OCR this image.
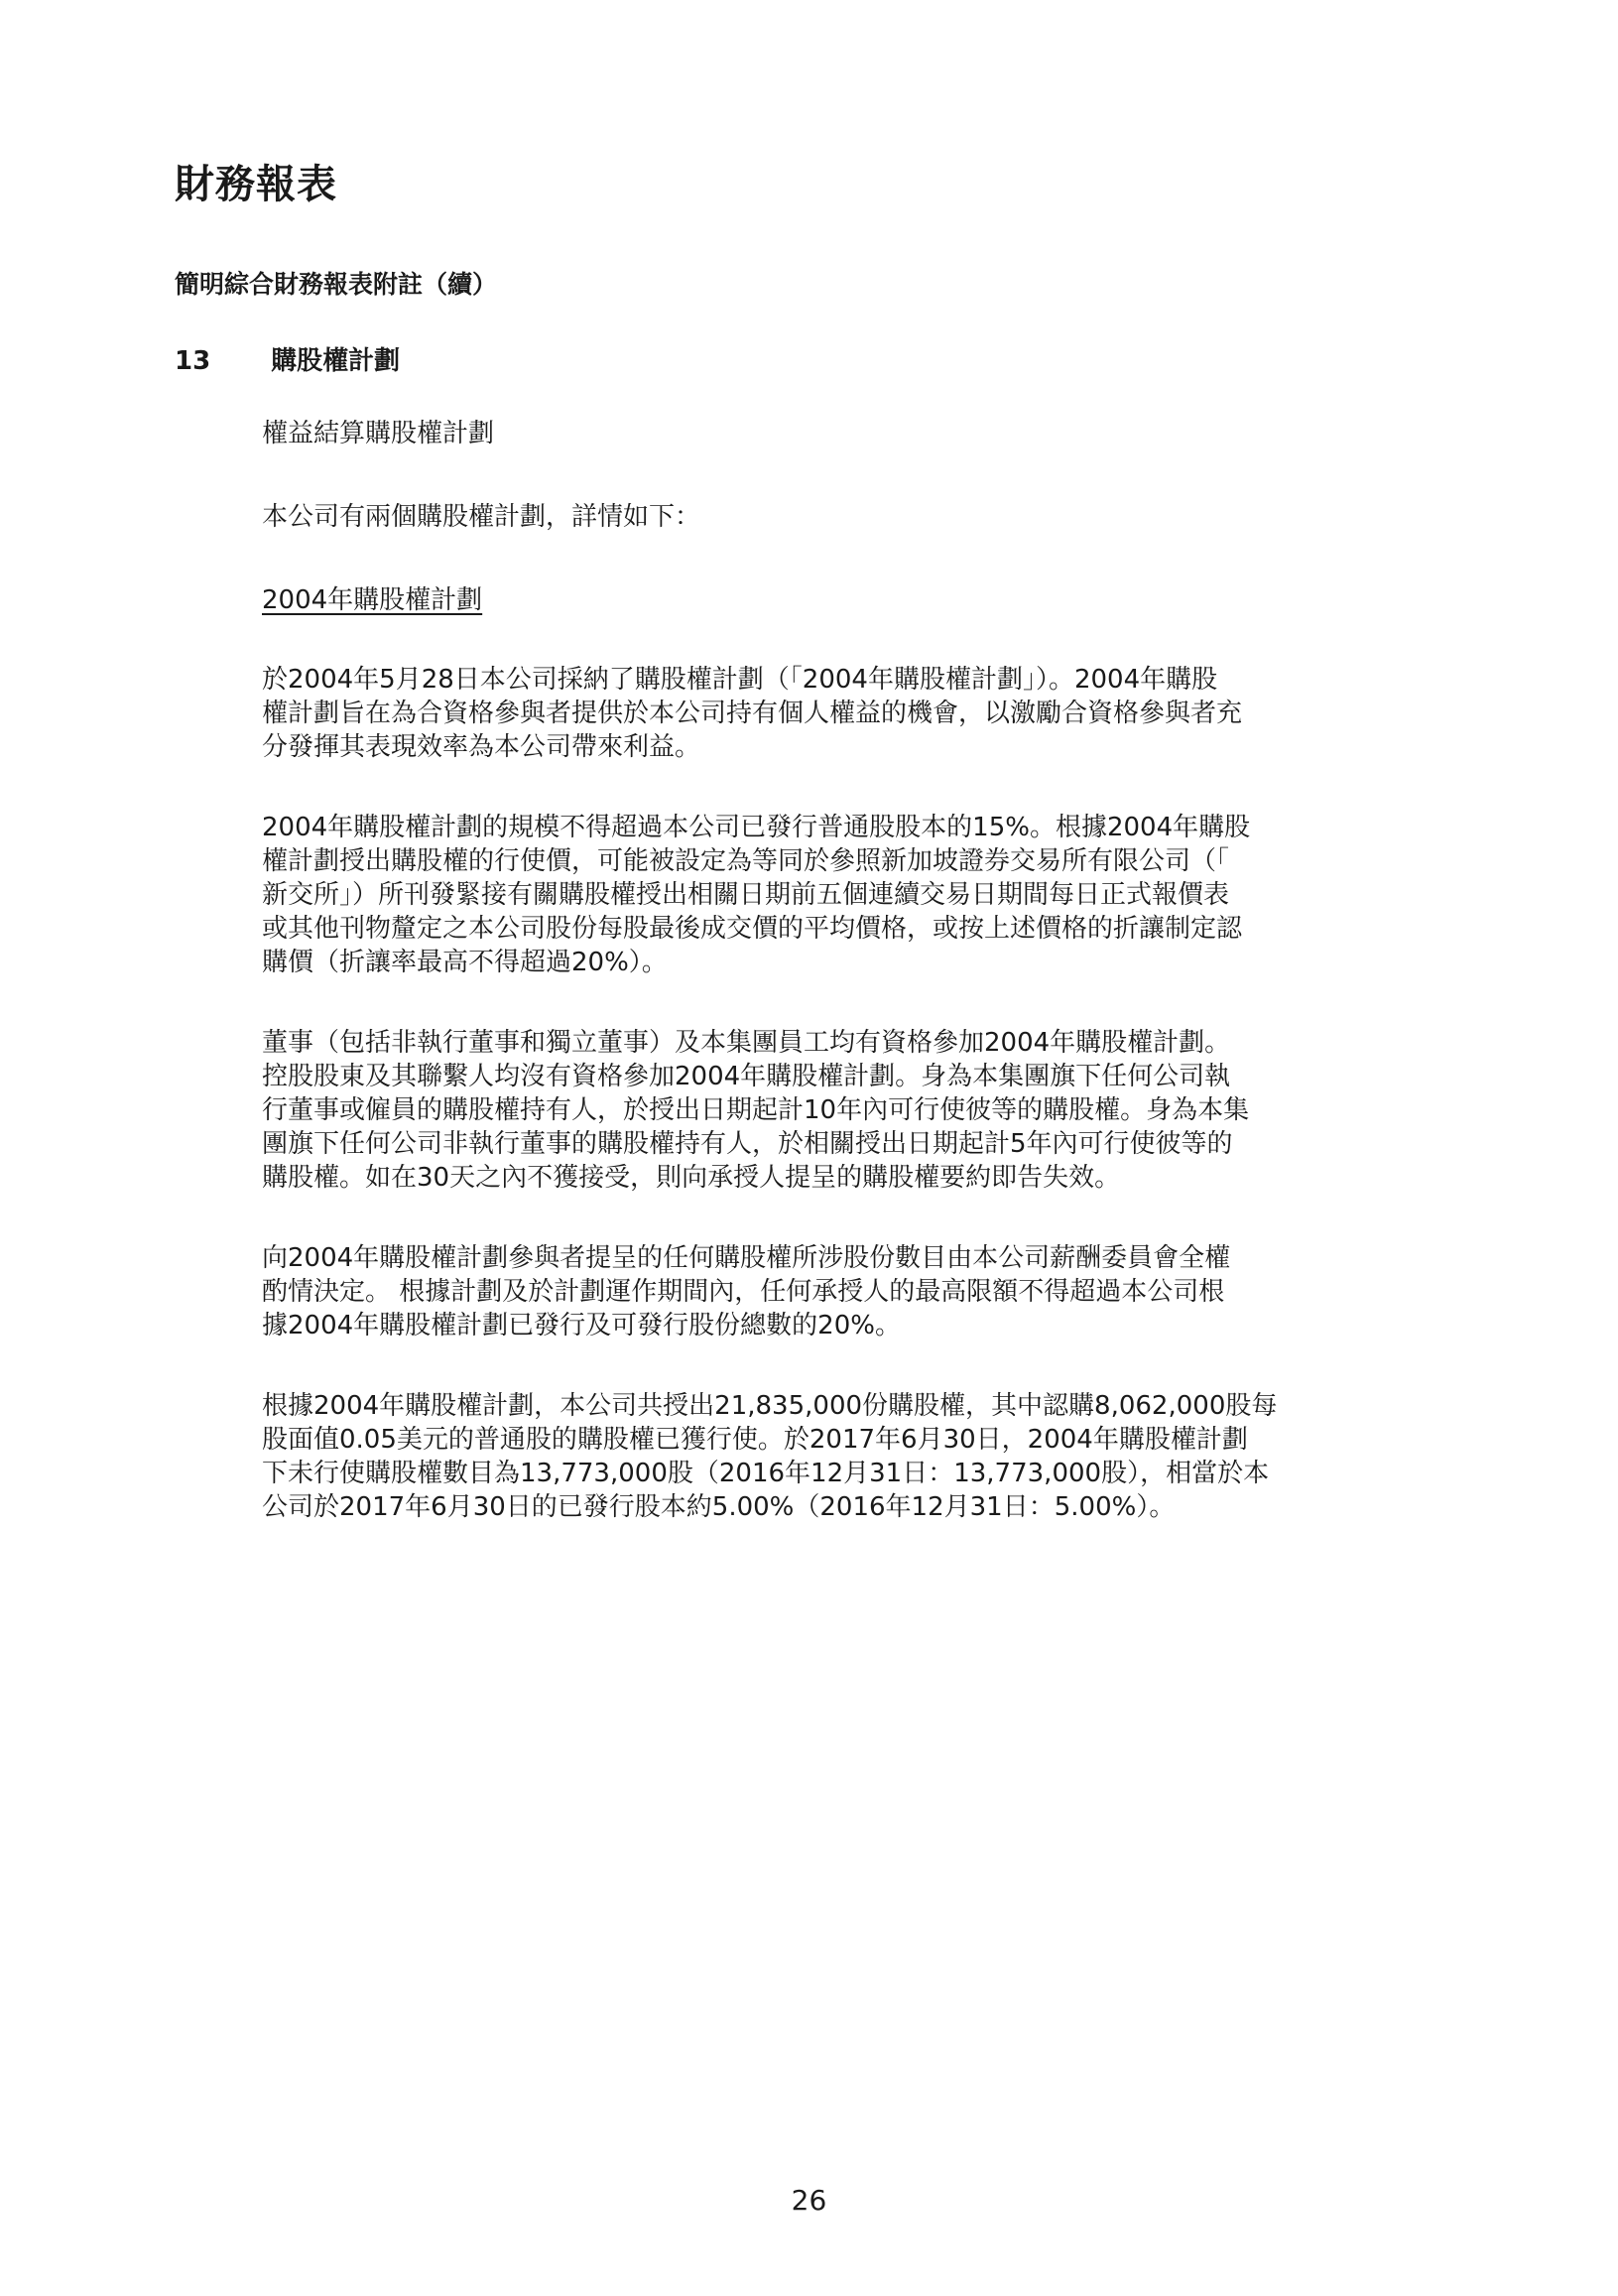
財務報表
簡明綜合財務報表附註（續）
13 購股權計劃

權益結算購股權計劃

本公司有兩個購股權計劃，詳情如下：

2004年購股權計劃

於2004年5月28日本公司採納了購股權計劃（「2004年購股權計劃」）。2004年購股
權計劃旨在為合資格參與者提供於本公司持有個人權益的機會，以激勵合資格參與者充
分發揮其表現效率為本公司帶來利益。

2004年購股權計劃的規模不得超過本公司已發行普通股股本的15%。根據2004年購股
權計劃授出購股權的行使價，可能被設定為等同於參照新加坡證券交易所有限公司（「
新交所」）所刊發緊接有關購股權授出相關日期前五個連續交易日期間每日正式報價表
或其他刊物釐定之本公司股份每股最後成交價的平均價格，或按上述價格的折讓制定認
購價（折讓率最高不得超過20%）。

董事（包括非執行董事和獨立董事）及本集團員工均有資格參加2004年購股權計劃。
控股股東及其聯繫人均沒有資格參加2004年購股權計劃。身為本集團旗下任何公司執
行董事或僱員的購股權持有人，於授出日期起計10年內可行使彼等的購股權。身為本集
團旗下任何公司非執行董事的購股權持有人，於相關授出日期起計5年內可行使彼等的
購股權。如在30天之內不獲接受，則向承授人提呈的購股權要約即告失效。

向2004年購股權計劃參與者提呈的任何購股權所涉股份數目由本公司薪酬委員會全權
酌情決定。 根據計劃及於計劃運作期間內，任何承授人的最高限額不得超過本公司根
據2004年購股權計劃已發行及可發行股份總數的20%。

根據2004年購股權計劃，本公司共授出21,835,000份購股權，其中認購8,062,000股每
股面值0.05美元的普通股的購股權已獲行使。於2017年6月30日，2004年購股權計劃
下未行使購股權數目為13,773,000股（2016年12月31日：13,773,000股），相當於本
公司於2017年6月30日的已發行股本約5.00%（2016年12月31日：5.00%）。

26
